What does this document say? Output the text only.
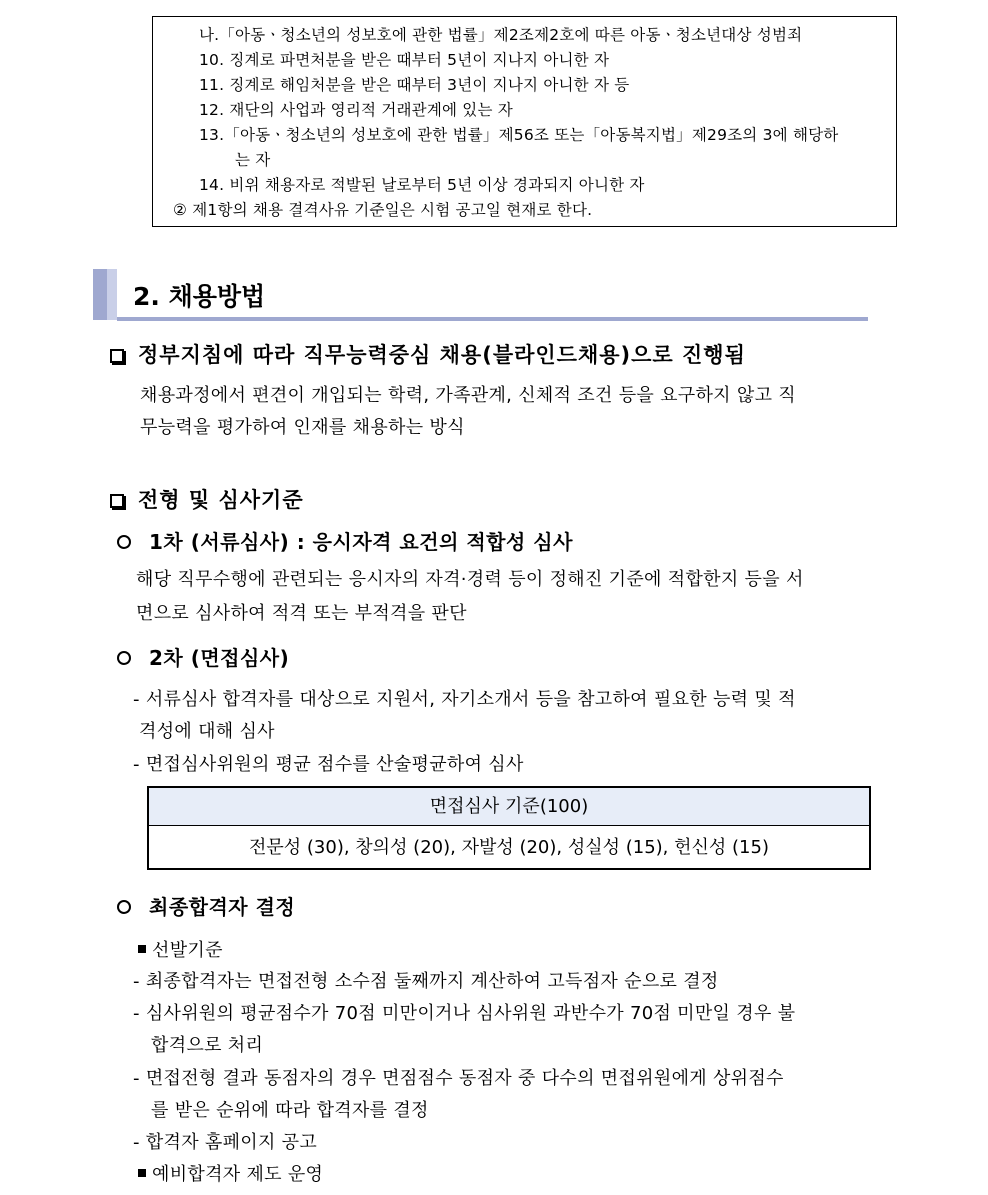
나.「아동ㆍ청소년의 성보호에 관한 법률」제2조제2호에 따른 아동ㆍ청소년대상 성범죄
10. 징계로 파면처분을 받은 때부터 5년이 지나지 아니한 자
11. 징계로 해임처분을 받은 때부터 3년이 지나지 아니한 자 등
12. 재단의 사업과 영리적 거래관계에 있는 자
13.「아동ㆍ청소년의 성보호에 관한 법률」제56조 또는「아동복지법」제29조의 3에 해당하
는 자
14. 비위 채용자로 적발된 날로부터 5년 이상 경과되지 아니한 자
② 제1항의 채용 결격사유 기준일은 시험 공고일 현재로 한다.
2. 채용방법
정부지침에 따라 직무능력중심 채용(블라인드채용)으로 진행됨
채용과정에서 편견이 개입되는 학력, 가족관계, 신체적 조건 등을 요구하지 않고 직
무능력을 평가하여 인재를 채용하는 방식
전형 및 심사기준
1차 (서류심사) : 응시자격 요건의 적합성 심사
해당 직무수행에 관련되는 응시자의 자격·경력 등이 정해진 기준에 적합한지 등을 서
면으로 심사하여 적격 또는 부적격을 판단
2차 (면접심사)
- 서류심사 합격자를 대상으로 지원서, 자기소개서 등을 참고하여 필요한 능력 및 적
격성에 대해 심사
- 면접심사위원의 평균 점수를 산술평균하여 심사
면접심사 기준(100)
전문성 (30), 창의성 (20), 자발성 (20), 성실성 (15), 헌신성 (15)
최종합격자 결정
선발기준
- 최종합격자는 면접전형 소수점 둘째까지 계산하여 고득점자 순으로 결정
- 심사위원의 평균점수가 70점 미만이거나 심사위원 과반수가 70점 미만일 경우 불
합격으로 처리
- 면접전형 결과 동점자의 경우 면점점수 동점자 중 다수의 면접위원에게 상위점수
를 받은 순위에 따라 합격자를 결정
- 합격자 홈페이지 공고
예비합격자 제도 운영
